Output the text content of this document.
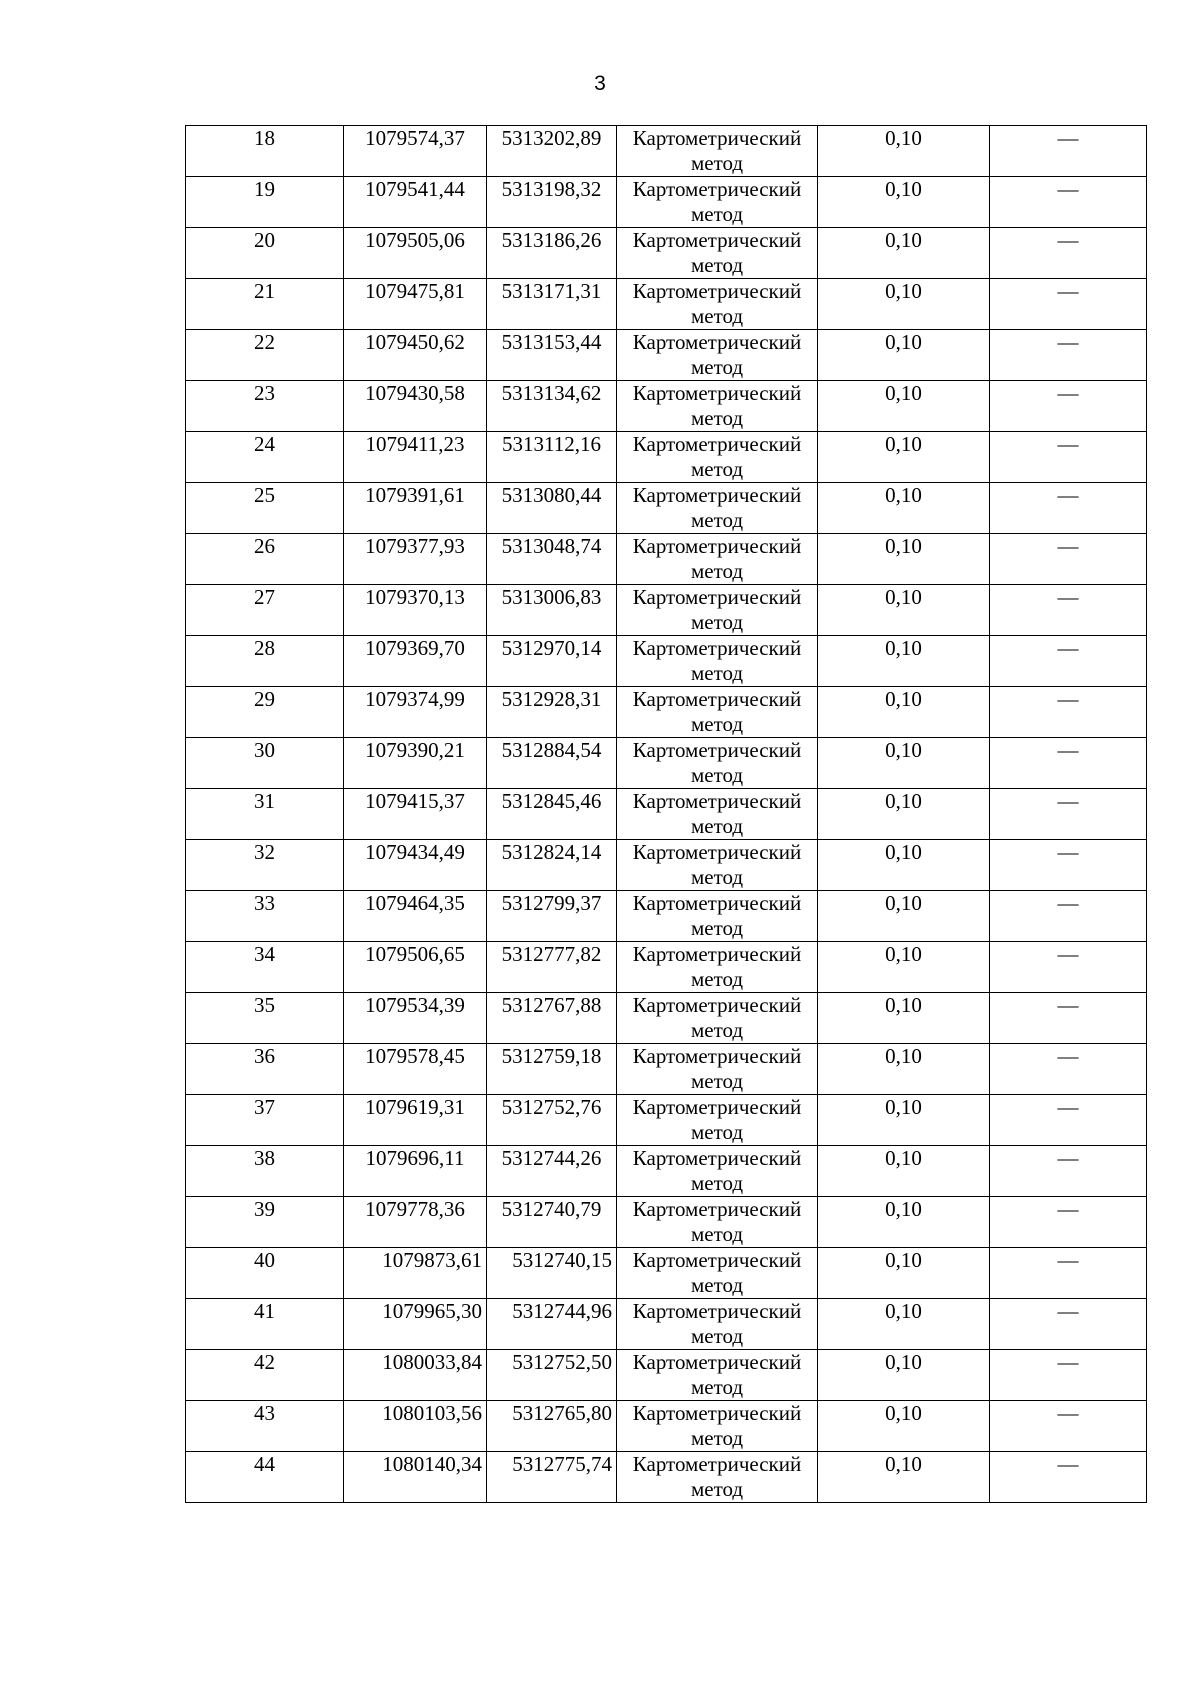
3
18	1079574,37	5313202,89	Картометрический метод	0,10	—
19	1079541,44	5313198,32	Картометрический метод	0,10	—
20	1079505,06	5313186,26	Картометрический метод	0,10	—
21	1079475,81	5313171,31	Картометрический метод	0,10	—
22	1079450,62	5313153,44	Картометрический метод	0,10	—
23	1079430,58	5313134,62	Картометрический метод	0,10	—
24	1079411,23	5313112,16	Картометрический метод	0,10	—
25	1079391,61	5313080,44	Картометрический метод	0,10	—
26	1079377,93	5313048,74	Картометрический метод	0,10	—
27	1079370,13	5313006,83	Картометрический метод	0,10	—
28	1079369,70	5312970,14	Картометрический метод	0,10	—
29	1079374,99	5312928,31	Картометрический метод	0,10	—
30	1079390,21	5312884,54	Картометрический метод	0,10	—
31	1079415,37	5312845,46	Картометрический метод	0,10	—
32	1079434,49	5312824,14	Картометрический метод	0,10	—
33	1079464,35	5312799,37	Картометрический метод	0,10	—
34	1079506,65	5312777,82	Картометрический метод	0,10	—
35	1079534,39	5312767,88	Картометрический метод	0,10	—
36	1079578,45	5312759,18	Картометрический метод	0,10	—
37	1079619,31	5312752,76	Картометрический метод	0,10	—
38	1079696,11	5312744,26	Картометрический метод	0,10	—
39	1079778,36	5312740,79	Картометрический метод	0,10	—
40	1079873,61	5312740,15	Картометрический метод	0,10	—
41	1079965,30	5312744,96	Картометрический метод	0,10	—
42	1080033,84	5312752,50	Картометрический метод	0,10	—
43	1080103,56	5312765,80	Картометрический метод	0,10	—
44	1080140,34	5312775,74	Картометрический метод	0,10	—
